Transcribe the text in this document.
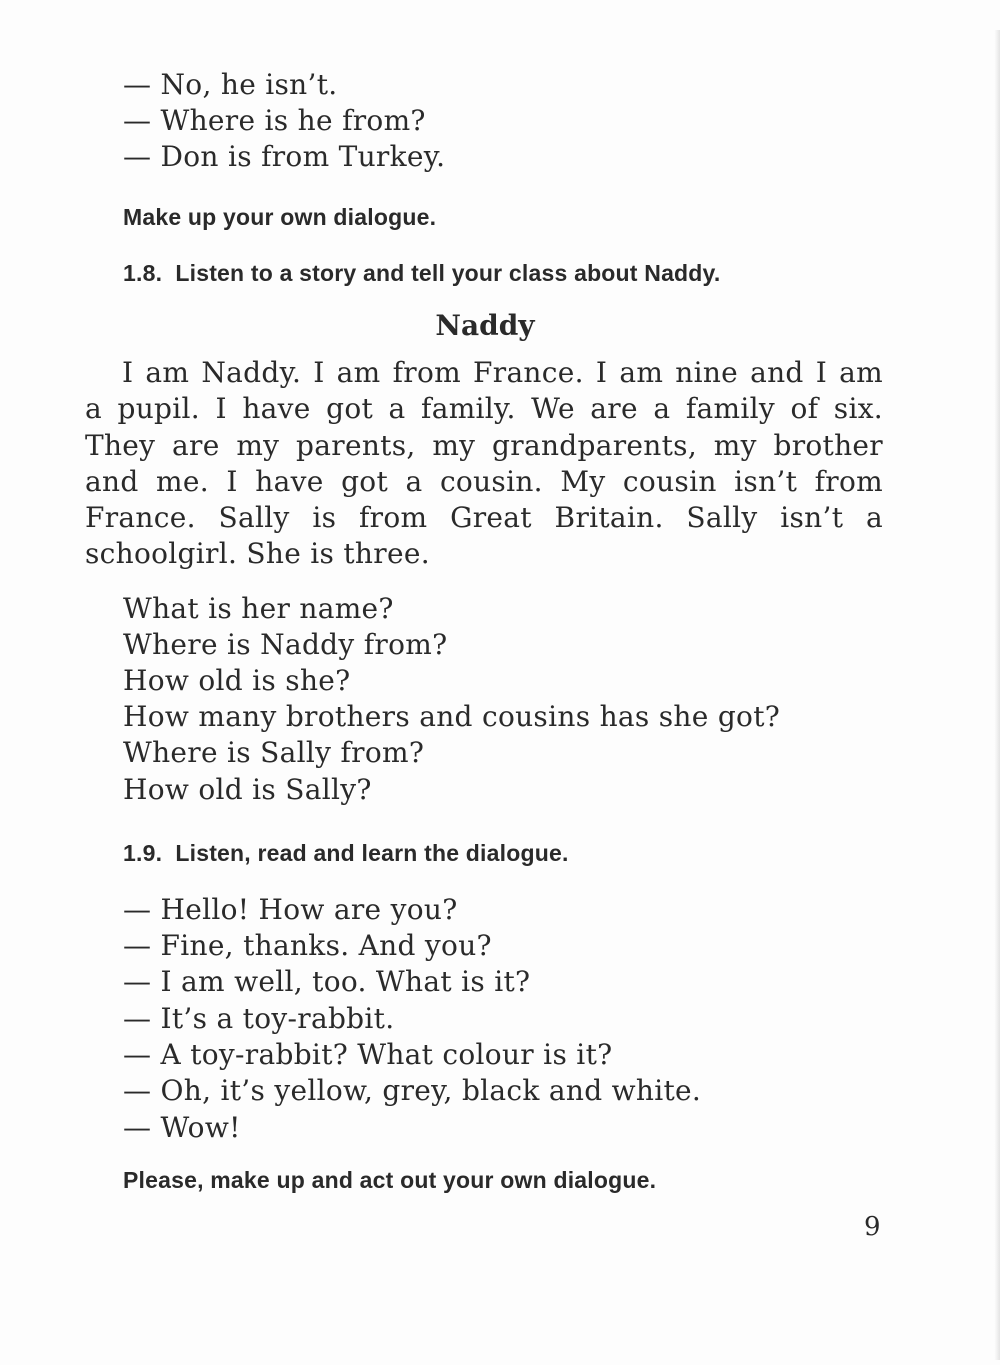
— No, he isn’t.
— Where is he from?
— Don is from Turkey.
Make up your own dialogue.
1.8. Listen to a story and tell your class about Naddy.
Naddy
I am Naddy. I am from France. I am nine and I am
a pupil. I have got a family. We are a family of six.
They are my parents, my grandparents, my brother
and me. I have got a cousin. My cousin isn’t from
France. Sally is from Great Britain. Sally isn’t a
schoolgirl. She is three.
What is her name?
Where is Naddy from?
How old is she?
How many brothers and cousins has she got?
Where is Sally from?
How old is Sally?
1.9. Listen, read and learn the dialogue.
— Hello! How are you?
— Fine, thanks. And you?
— I am well, too. What is it?
— It’s a toy-rabbit.
— A toy-rabbit? What colour is it?
— Oh, it’s yellow, grey, black and white.
— Wow!
Please, make up and act out your own dialogue.
9
